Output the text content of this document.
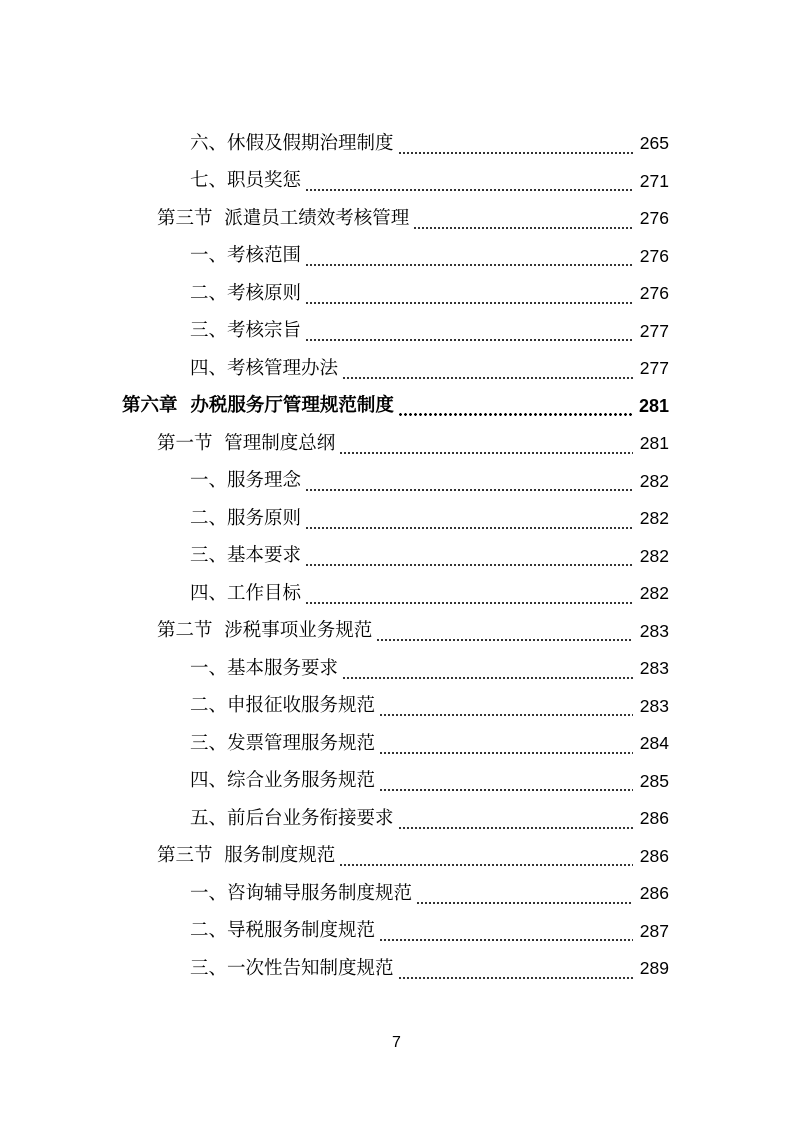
六、休假及假期治理制度	265
七、职员奖惩	271
第三节  派遣员工绩效考核管理	276
一、考核范围	276
二、考核原则	276
三、考核宗旨	277
四、考核管理办法	277
第六章  办税服务厅管理规范制度	281
第一节  管理制度总纲	281
一、服务理念	282
二、服务原则	282
三、基本要求	282
四、工作目标	282
第二节  涉税事项业务规范	283
一、基本服务要求	283
二、申报征收服务规范	283
三、发票管理服务规范	284
四、综合业务服务规范	285
五、前后台业务衔接要求	286
第三节  服务制度规范	286
一、咨询辅导服务制度规范	286
二、导税服务制度规范	287
三、一次性告知制度规范	289
7
